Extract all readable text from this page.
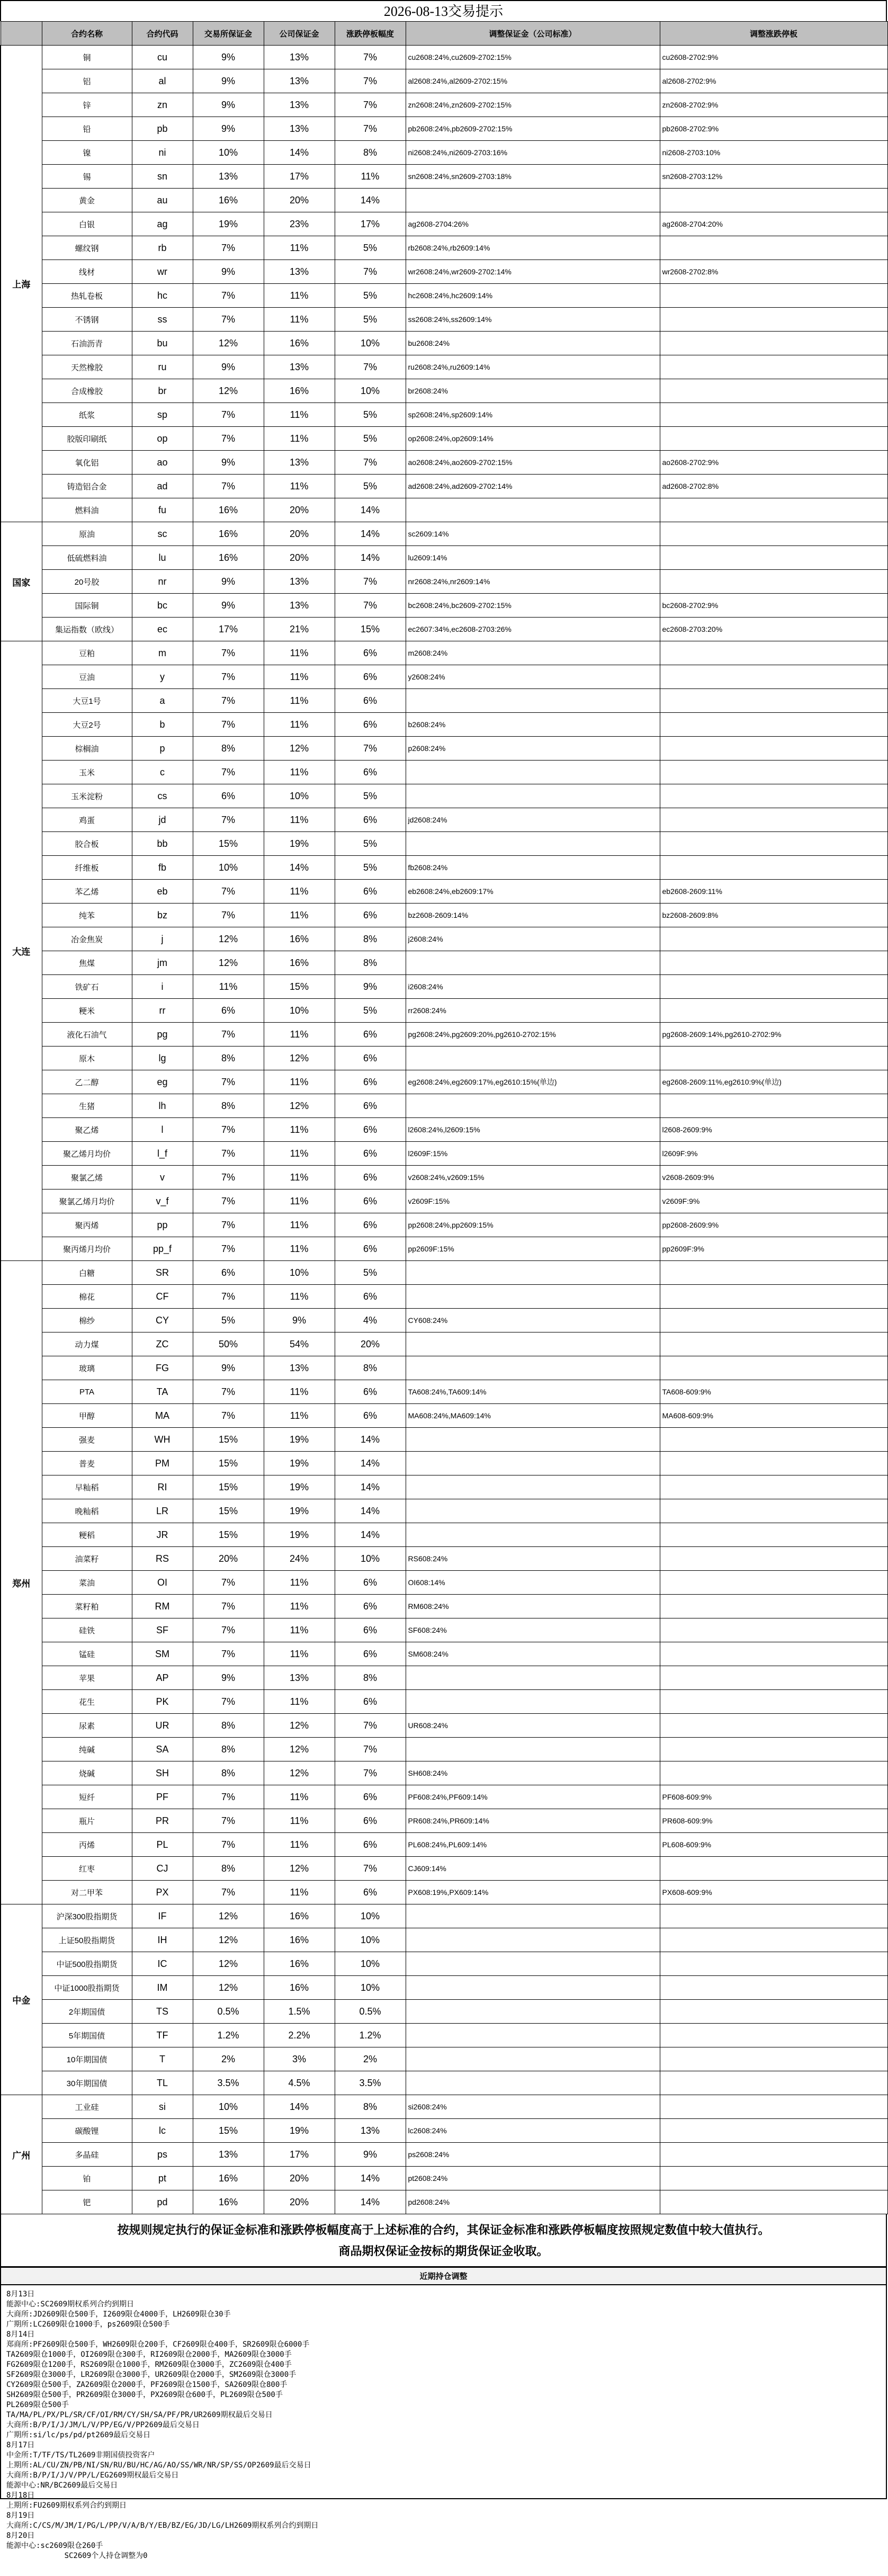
2026-08-13交易提示
	合约名称	合约代码	交易所保证金	公司保证金	涨跌停板幅度	调整保证金（公司标准）	调整涨跌停板
上海	铜	cu	9%	13%	7%	cu2608:24%,cu2609-2702:15%	cu2608-2702:9%
	铝	al	9%	13%	7%	al2608:24%,al2609-2702:15%	al2608-2702:9%
	锌	zn	9%	13%	7%	zn2608:24%,zn2609-2702:15%	zn2608-2702:9%
	铅	pb	9%	13%	7%	pb2608:24%,pb2609-2702:15%	pb2608-2702:9%
	镍	ni	10%	14%	8%	ni2608:24%,ni2609-2703:16%	ni2608-2703:10%
	锡	sn	13%	17%	11%	sn2608:24%,sn2609-2703:18%	sn2608-2703:12%
	黄金	au	16%	20%	14%		
	白银	ag	19%	23%	17%	ag2608-2704:26%	ag2608-2704:20%
	螺纹钢	rb	7%	11%	5%	rb2608:24%,rb2609:14%	
	线材	wr	9%	13%	7%	wr2608:24%,wr2609-2702:14%	wr2608-2702:8%
	热轧卷板	hc	7%	11%	5%	hc2608:24%,hc2609:14%	
	不锈钢	ss	7%	11%	5%	ss2608:24%,ss2609:14%	
	石油沥青	bu	12%	16%	10%	bu2608:24%	
	天然橡胶	ru	9%	13%	7%	ru2608:24%,ru2609:14%	
	合成橡胶	br	12%	16%	10%	br2608:24%	
	纸浆	sp	7%	11%	5%	sp2608:24%,sp2609:14%	
	胶版印刷纸	op	7%	11%	5%	op2608:24%,op2609:14%	
	氧化铝	ao	9%	13%	7%	ao2608:24%,ao2609-2702:15%	ao2608-2702:9%
	铸造铝合金	ad	7%	11%	5%	ad2608:24%,ad2609-2702:14%	ad2608-2702:8%
	燃料油	fu	16%	20%	14%		
国家	原油	sc	16%	20%	14%	sc2609:14%	
	低硫燃料油	lu	16%	20%	14%	lu2609:14%	
	20号胶	nr	9%	13%	7%	nr2608:24%,nr2609:14%	
	国际铜	bc	9%	13%	7%	bc2608:24%,bc2609-2702:15%	bc2608-2702:9%
	集运指数（欧线）	ec	17%	21%	15%	ec2607:34%,ec2608-2703:26%	ec2608-2703:20%
大连	豆粕	m	7%	11%	6%	m2608:24%	
	豆油	y	7%	11%	6%	y2608:24%	
	大豆1号	a	7%	11%	6%		
	大豆2号	b	7%	11%	6%	b2608:24%	
	棕榈油	p	8%	12%	7%	p2608:24%	
	玉米	c	7%	11%	6%		
	玉米淀粉	cs	6%	10%	5%		
	鸡蛋	jd	7%	11%	6%	jd2608:24%	
	胶合板	bb	15%	19%	5%		
	纤维板	fb	10%	14%	5%	fb2608:24%	
	苯乙烯	eb	7%	11%	6%	eb2608:24%,eb2609:17%	eb2608-2609:11%
	纯苯	bz	7%	11%	6%	bz2608-2609:14%	bz2608-2609:8%
	冶金焦炭	j	12%	16%	8%	j2608:24%	
	焦煤	jm	12%	16%	8%		
	铁矿石	i	11%	15%	9%	i2608:24%	
	粳米	rr	6%	10%	5%	rr2608:24%	
	液化石油气	pg	7%	11%	6%	pg2608:24%,pg2609:20%,pg2610-2702:15%	pg2608-2609:14%,pg2610-2702:9%
	原木	lg	8%	12%	6%		
	乙二醇	eg	7%	11%	6%	eg2608:24%,eg2609:17%,eg2610:15%(单边)	eg2608-2609:11%,eg2610:9%(单边)
	生猪	lh	8%	12%	6%		
	聚乙烯	l	7%	11%	6%	l2608:24%,l2609:15%	l2608-2609:9%
	聚乙烯月均价	l_f	7%	11%	6%	l2609F:15%	l2609F:9%
	聚氯乙烯	v	7%	11%	6%	v2608:24%,v2609:15%	v2608-2609:9%
	聚氯乙烯月均价	v_f	7%	11%	6%	v2609F:15%	v2609F:9%
	聚丙烯	pp	7%	11%	6%	pp2608:24%,pp2609:15%	pp2608-2609:9%
	聚丙烯月均价	pp_f	7%	11%	6%	pp2609F:15%	pp2609F:9%
郑州	白糖	SR	6%	10%	5%		
	棉花	CF	7%	11%	6%		
	棉纱	CY	5%	9%	4%	CY608:24%	
	动力煤	ZC	50%	54%	20%		
	玻璃	FG	9%	13%	8%		
	PTA	TA	7%	11%	6%	TA608:24%,TA609:14%	TA608-609:9%
	甲醇	MA	7%	11%	6%	MA608:24%,MA609:14%	MA608-609:9%
	强麦	WH	15%	19%	14%		
	普麦	PM	15%	19%	14%		
	早籼稻	RI	15%	19%	14%		
	晚籼稻	LR	15%	19%	14%		
	粳稻	JR	15%	19%	14%		
	油菜籽	RS	20%	24%	10%	RS608:24%	
	菜油	OI	7%	11%	6%	OI608:14%	
	菜籽粕	RM	7%	11%	6%	RM608:24%	
	硅铁	SF	7%	11%	6%	SF608:24%	
	锰硅	SM	7%	11%	6%	SM608:24%	
	苹果	AP	9%	13%	8%		
	花生	PK	7%	11%	6%		
	尿素	UR	8%	12%	7%	UR608:24%	
	纯碱	SA	8%	12%	7%		
	烧碱	SH	8%	12%	7%	SH608:24%	
	短纤	PF	7%	11%	6%	PF608:24%,PF609:14%	PF608-609:9%
	瓶片	PR	7%	11%	6%	PR608:24%,PR609:14%	PR608-609:9%
	丙烯	PL	7%	11%	6%	PL608:24%,PL609:14%	PL608-609:9%
	红枣	CJ	8%	12%	7%	CJ609:14%	
	对二甲苯	PX	7%	11%	6%	PX608:19%,PX609:14%	PX608-609:9%
中金	沪深300股指期货	IF	12%	16%	10%		
	上证50股指期货	IH	12%	16%	10%		
	中证500股指期货	IC	12%	16%	10%		
	中证1000股指期货	IM	12%	16%	10%		
	2年期国债	TS	0.5%	1.5%	0.5%		
	5年期国债	TF	1.2%	2.2%	1.2%		
	10年期国债	T	2%	3%	2%		
	30年期国债	TL	3.5%	4.5%	3.5%		
广州	工业硅	si	10%	14%	8%	si2608:24%	
	碳酸锂	lc	15%	19%	13%	lc2608:24%	
	多晶硅	ps	13%	17%	9%	ps2608:24%	
	铂	pt	16%	20%	14%	pt2608:24%	
	钯	pd	16%	20%	14%	pd2608:24%	
按规则规定执行的保证金标准和涨跌停板幅度高于上述标准的合约，其保证金标准和涨跌停板幅度按照规定数值中较大值执行。
商品期权保证金按标的期货保证金收取。
近期持仓调整
8月13日
能源中心:SC2609期权系列合约到期日
大商所:JD2609限仓500手，I2609限仓4000手，LH2609限仓30手
广期所:LC2609限仓1000手，ps2609限仓500手
8月14日
郑商所:PF2609限仓500手，WH2609限仓200手，CF2609限仓400手，SR2609限仓6000手
TA2609限仓1000手，OI2609限仓300手，RI2609限仓2000手，MA2609限仓3000手
FG2609限仓1200手，RS2609限仓1000手，RM2609限仓3000手，ZC2609限仓400手
SF2609限仓3000手，LR2609限仓3000手，UR2609限仓2000手，SM2609限仓3000手
CY2609限仓500手，ZA2609限仓2000手，PF2609限仓1500手，SA2609限仓800手
SH2609限仓500手，PR2609限仓3000手，PX2609限仓600手，PL2609限仓500手
PL2609限仓500手
TA/MA/PL/PX/PL/SR/CF/OI/RM/CY/SH/SA/PF/PR/UR2609期权最后交易日
大商所:B/P/I/J/JM/L/V/PP/EG/V/PP2609最后交易日
广期所:si/lc/ps/pd/pt2609最后交易日
8月17日
中金所:T/TF/TS/TL2609非期国债投资客户
上期所:AL/CU/ZN/PB/NI/SN/RU/BU/HC/AG/AO/SS/WR/NR/SP/SS/OP2609最后交易日
大商所:B/P/I/J/V/PP/L/EG2609期权最后交易日
能源中心:NR/BC2609最后交易日
8月18日
上期所:FU2609期权系列合约到期日
8月19日
大商所:C/CS/M/JM/I/PG/L/PP/V/A/B/Y/EB/BZ/EG/JD/LG/LH2609期权系列合约到期日
8月20日
能源中心:sc2609限仓260手
SC2609个人持仓调整为0
